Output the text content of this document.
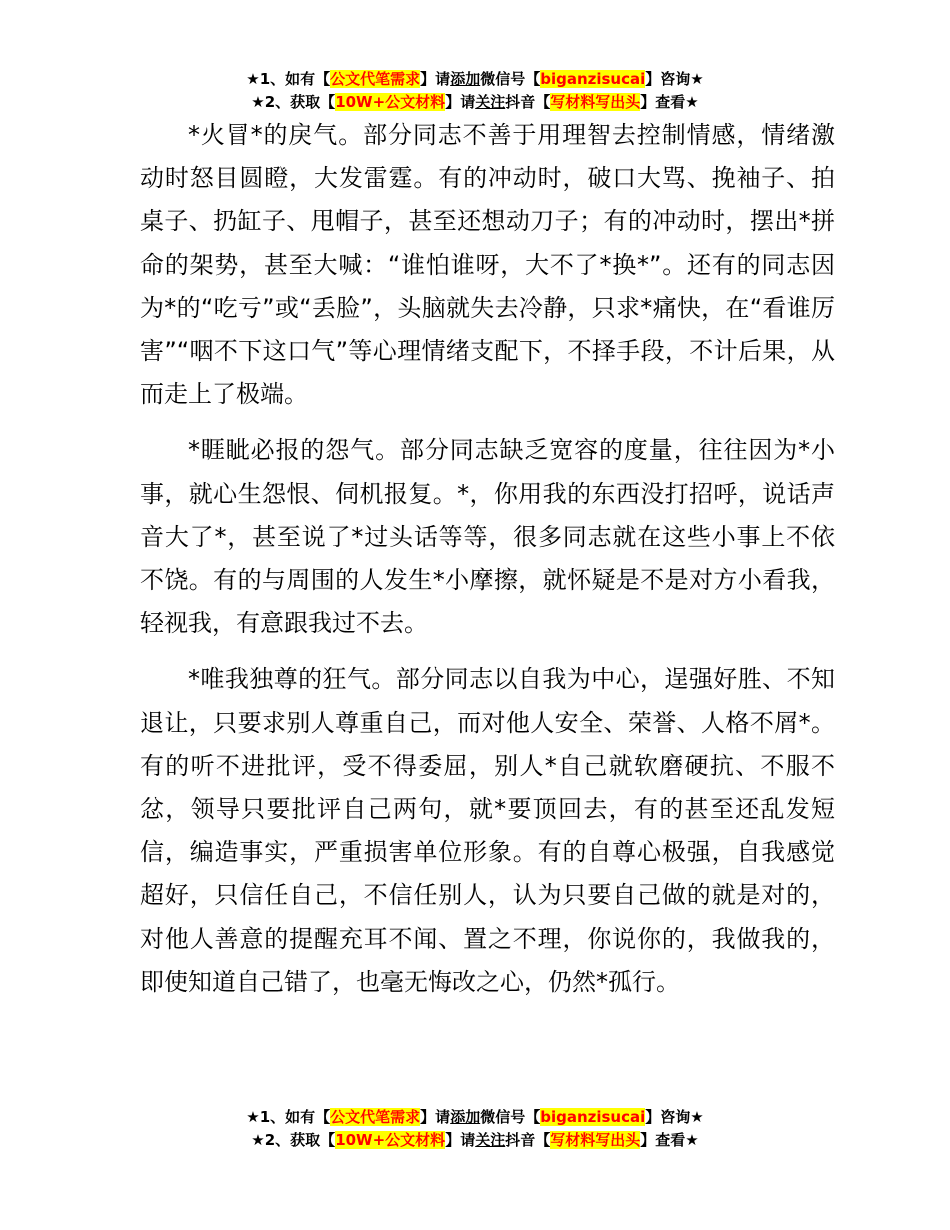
★1、如有【公文代笔需求】请添加微信号【biganzisucai】咨询★
★2、获取【10W+公文材料】请关注抖音【写材料写出头】查看★

*火冒*的戾气。部分同志不善于用理智去控制情感，情绪激动时怒目圆瞪，大发雷霆。有的冲动时，破口大骂、挽袖子、拍桌子、扔缸子、甩帽子，甚至还想动刀子；有的冲动时，摆出*拼命的架势，甚至大喊：“谁怕谁呀，大不了*换*”。还有的同志因为*的“吃亏”或“丢脸”，头脑就失去冷静，只求*痛快，在“看谁厉害”“咽不下这口气”等心理情绪支配下，不择手段，不计后果，从而走上了极端。

*睚眦必报的怨气。部分同志缺乏宽容的度量，往往因为*小事，就心生怨恨、伺机报复。*，你用我的东西没打招呼，说话声音大了*，甚至说了*过头话等等，很多同志就在这些小事上不依不饶。有的与周围的人发生*小摩擦，就怀疑是不是对方小看我，轻视我，有意跟我过不去。

*唯我独尊的狂气。部分同志以自我为中心，逞强好胜、不知退让，只要求别人尊重自己，而对他人安全、荣誉、人格不屑*。有的听不进批评，受不得委屈，别人*自己就软磨硬抗、不服不忿，领导只要批评自己两句，就*要顶回去，有的甚至还乱发短信，编造事实，严重损害单位形象。有的自尊心极强，自我感觉超好，只信任自己，不信任别人，认为只要自己做的就是对的，对他人善意的提醒充耳不闻、置之不理，你说你的，我做我的，即使知道自己错了，也毫无悔改之心，仍然*孤行。

★1、如有【公文代笔需求】请添加微信号【biganzisucai】咨询★
★2、获取【10W+公文材料】请关注抖音【写材料写出头】查看★
